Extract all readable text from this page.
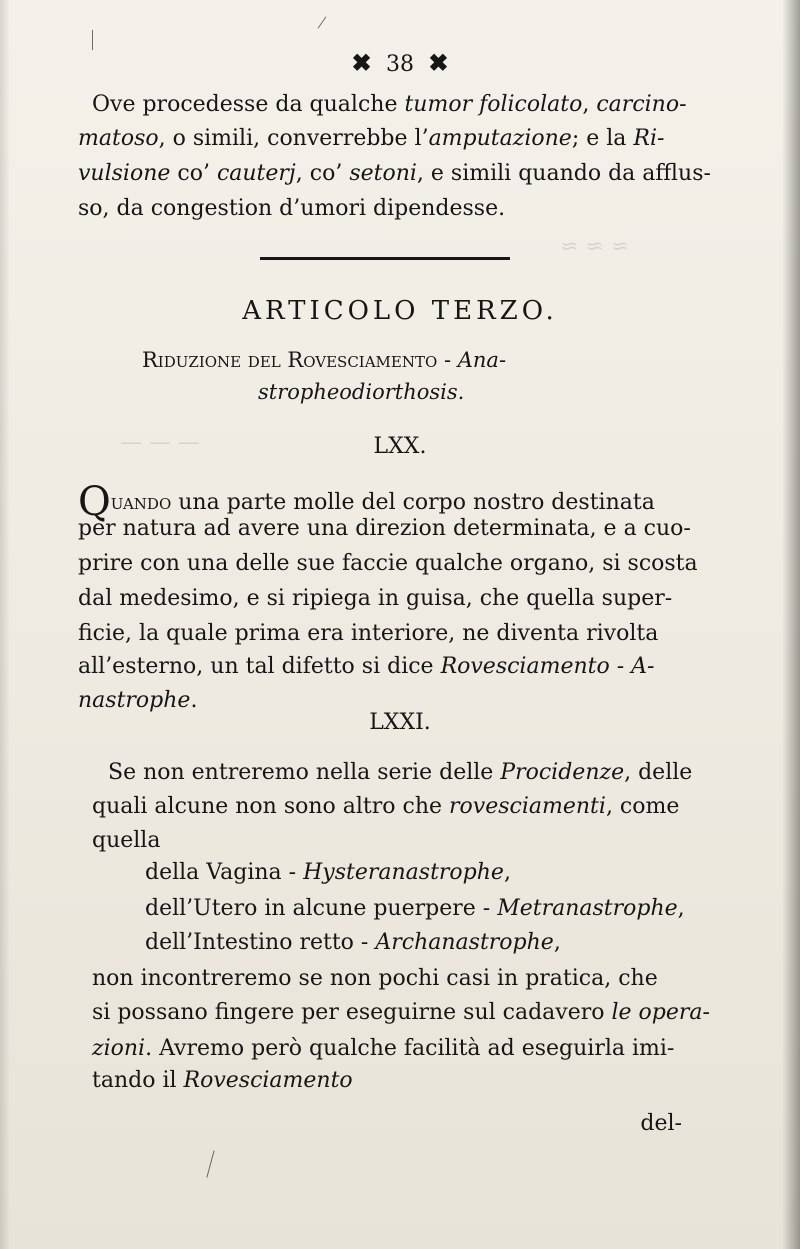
≈ ≈ ≈
— — —
✖ 38 ✖
Ove procedesse da qualche tumor folicolato, carcino-
matoso, o simili, converrebbe l’amputazione; e la Ri-
vulsione co’ cauterj, co’ setoni, e simili quando da afflus-
so, da congestion d’umori dipendesse.
ARTICOLO TERZO.
Riduzione del Rovesciamento - Ana-
stropheodiorthosis.
LXX.
Quando una parte molle del corpo nostro destinata
per natura ad avere una direzion determinata, e a cuo-
prire con una delle sue faccie qualche organo, si scosta
dal medesimo, e si ripiega in guisa, che quella super-
ficie, la quale prima era interiore, ne diventa rivolta
all’esterno, un tal difetto si dice Rovesciamento - A-
nastrophe.
LXXI.
Se non entreremo nella serie delle Procidenze, delle
quali alcune non sono altro che rovesciamenti, come
quella
della Vagina - Hysteranastrophe,
dell’Utero in alcune puerpere - Metranastrophe,
dell’Intestino retto - Archanastrophe,
non incontreremo se non pochi casi in pratica, che
si possano fingere per eseguirne sul cadavero le opera-
zioni. Avremo però qualche facilità ad eseguirla imi-
tando il Rovesciamento
del-
